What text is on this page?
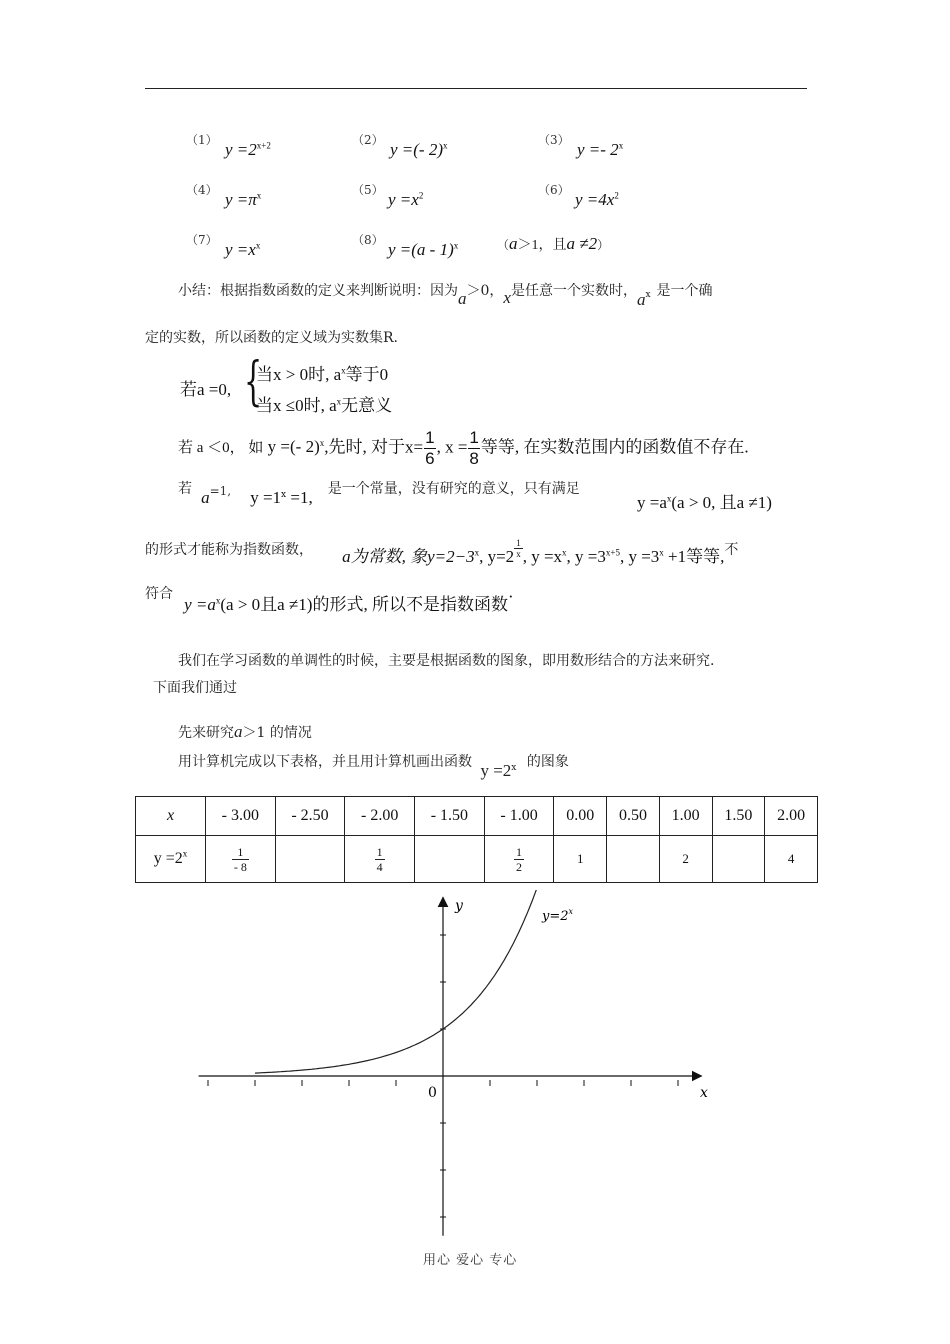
（1） $y =2^{x+2}$	（2） y =(- 2)$^x$	（3） y =- 2$^x$
（4） $y =\pi^x$	（5） $y =x^2$	（6） $y =4x^2$
（7） $y =x^x$	（8） y =(a - 1)$^x$	（a＞1，且a ≠2）
小结：根据指数函数的定义来判断说明：因为a＞0，x是任意一个实数时，$a^x$ 是一个确
定的实数，所以函数的定义域为实数集R.
若a =0, {
当x > 0时, $a^x$等于0
当x ≤0时, $a^x$无意义
若 a ＜0， 如 y =(- 2)$^x$,先时, 对于$x= \frac{1}{6}$ , $x = \frac{1}{8}$ 等等, 在实数范围内的函数值不存在.
若 a=1, $y =1^x =1$, 是一个常量，没有研究的意义，只有满足
$y =a^x(a > 0$, 且a ≠1)
的形式才能称为指数函数， a为常数, 象$y=2-3^x$, y=2 $^{\frac{1}{x}}$ , $y =x^x$, $y =3^{x+5}$, $y =3^x +1$等等,不
符合 $y =a^x(a > 0$且a ≠1)的形式, 所以不是指数函数·
我们在学习函数的单调性的时候，主要是根据函数的图象，即用数形结合的方法来研究.
下面我们通过
先来研究a＞1 的情况
用计算机完成以下表格，并且用计算机画出函数 $y =2^x$ 的图象
x	- 3.00	- 2.50	- 2.00	- 1.50	- 1.00	0.00	0.50	1.00	1.50	2.00
$y =2^x$	$\frac{1}{- 8}$		$\frac{1}{4}$		$\frac{1}{2}$	1		2		4
y
x
0
$y=2^x$
用心 爱心 专心
